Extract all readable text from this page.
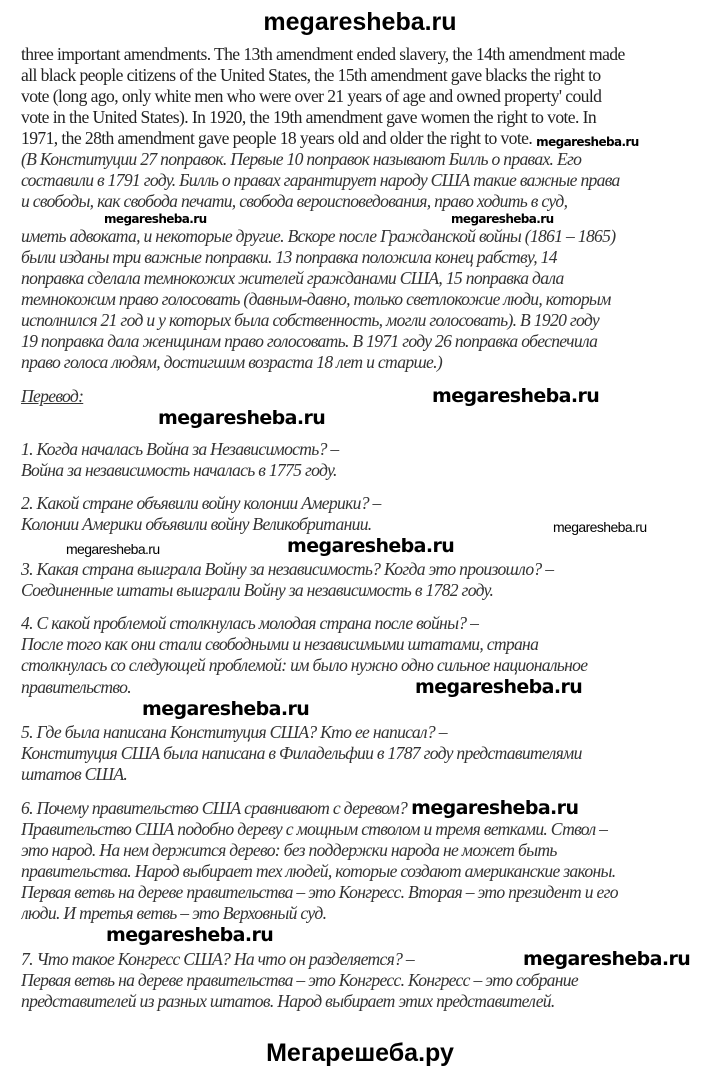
megaresheba.ru
three important amendments. The 13th amendment ended slavery, the 14th amendment made
all black people citizens of the United States, the 15th amendment gave blacks the right to
vote (long ago, only white men who were over 21 years of age and owned property' could
vote in the United States). In 1920, the 19th amendment gave women the right to vote. In
1971, the 28th amendment gave people 18 years old and older the right to vote. megaresheba.ru
(В Конституции 27 поправок. Первые 10 поправок называют Билль о правах. Его
составили в 1791 году. Билль о правах гарантирует народу США такие важные права
и свободы, как свобода печати, свобода вероисповедования, право ходить в суд,
megaresheba.ru	megaresheba.ru
иметь адвоката, и некоторые другие. Вскоре после Гражданской войны (1861 – 1865)
были изданы три важные поправки. 13 поправка положила конец рабству, 14
поправка сделала темнокожих жителей гражданами США, 15 поправка дала
темнокожим право голосовать (давным-давно, только светлокожие люди, которым
исполнился 21 год и у которых была собственность, могли голосовать). В 1920 году
19 поправка дала женщинам право голосовать. В 1971 году 26 поправка обеспечила
право голоса людям, достигшим возраста 18 лет и старше.)
Перевод:	megaresheba.ru
megaresheba.ru
1. Когда началась Война за Независимость? –
Война за независимость началась в 1775 году.
2. Какой стране объявили войну колонии Америки? –
Колонии Америки объявили войну Великобритании.	megaresheba.ru
megaresheba.ru	megaresheba.ru
3. Какая страна выиграла Войну за независимость? Когда это произошло? –
Соединенные штаты выиграли Войну за независимость в 1782 году.
4. С какой проблемой столкнулась молодая страна после войны? –
После того как они стали свободными и независимыми штатами, страна
столкнулась со следующей проблемой: им было нужно одно сильное национальное
правительство.	megaresheba.ru
megaresheba.ru
5. Где была написана Конституция США? Кто ее написал? –
Конституция США была написана в Филадельфии в 1787 году представителями
штатов США.
6. Почему правительство США сравнивают с деревом? megaresheba.ru
Правительство США подобно дереву с мощным стволом и тремя ветками. Ствол –
это народ. На нем держится дерево: без поддержки народа не может быть
правительства. Народ выбирает тех людей, которые создают американские законы.
Первая ветвь на дереве правительства – это Конгресс. Вторая – это президент и его
люди. И третья ветвь – это Верховный суд.
megaresheba.ru
7. Что такое Конгресс США? На что он разделяется? –	megaresheba.ru
Первая ветвь на дереве правительства – это Конгресс. Конгресс – это собрание
представителей из разных штатов. Народ выбирает этих представителей.
Мегарешеба.ру
